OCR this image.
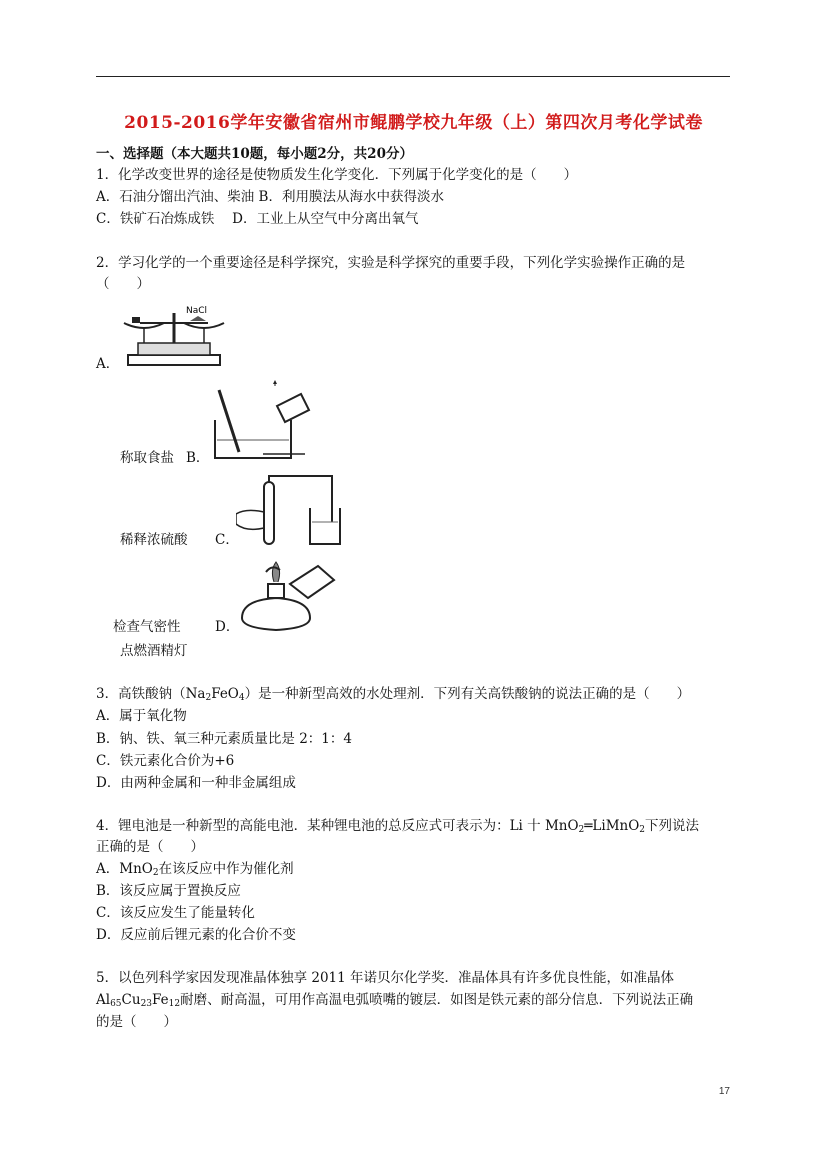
2015-2016学年安徽省宿州市鲲鹏学校九年级（上）第四次月考化学试卷
一、选择题（本大题共10题，每小题2分，共20分）
1．化学改变世界的途径是使物质发生化学变化．下列属于化学变化的是（　　）
A．石油分馏出汽油、柴油 B．利用膜法从海水中获得淡水
C．铁矿石冶炼成铁　 D．工业上从空气中分离出氧气
2．学习化学的一个重要途径是科学探究，实验是科学探究的重要手段，下列化学实验操作正确的是
（　　）
NaCl
A．
称取食盐 B．
稀释浓硫酸 C．
检查气密性	D．
点燃酒精灯
3．高铁酸钠$(Na_2FeO_4)$是一种新型高效的水处理剂．下列有关高铁酸钠的说法正确的是（　　）
A．属于氧化物
B．钠、铁、氧三种元素质量比是 2：1：4
C．铁元素化合价为+6
D．由两种金属和一种非金属组成
4．锂电池是一种新型的高能电池．某种锂电池的总反应式可表示为：Li 十 MnO$_2$═LiMnO$_2$下列说法
正确的是（　　）
A．MnO$_2$在该反应中作为催化剂
B．该反应属于置换反应
C．该反应发生了能量转化
D．反应前后锂元素的化合价不变
5．以色列科学家因发现准晶体独享 2011 年诺贝尔化学奖．准晶体具有许多优良性能，如准晶体
$Al_{65}Cu_{23}Fe_{12}$耐磨、耐高温，可用作高温电弧喷嘴的镀层．如图是铁元素的部分信息．下列说法正确
的是（　　）
17
